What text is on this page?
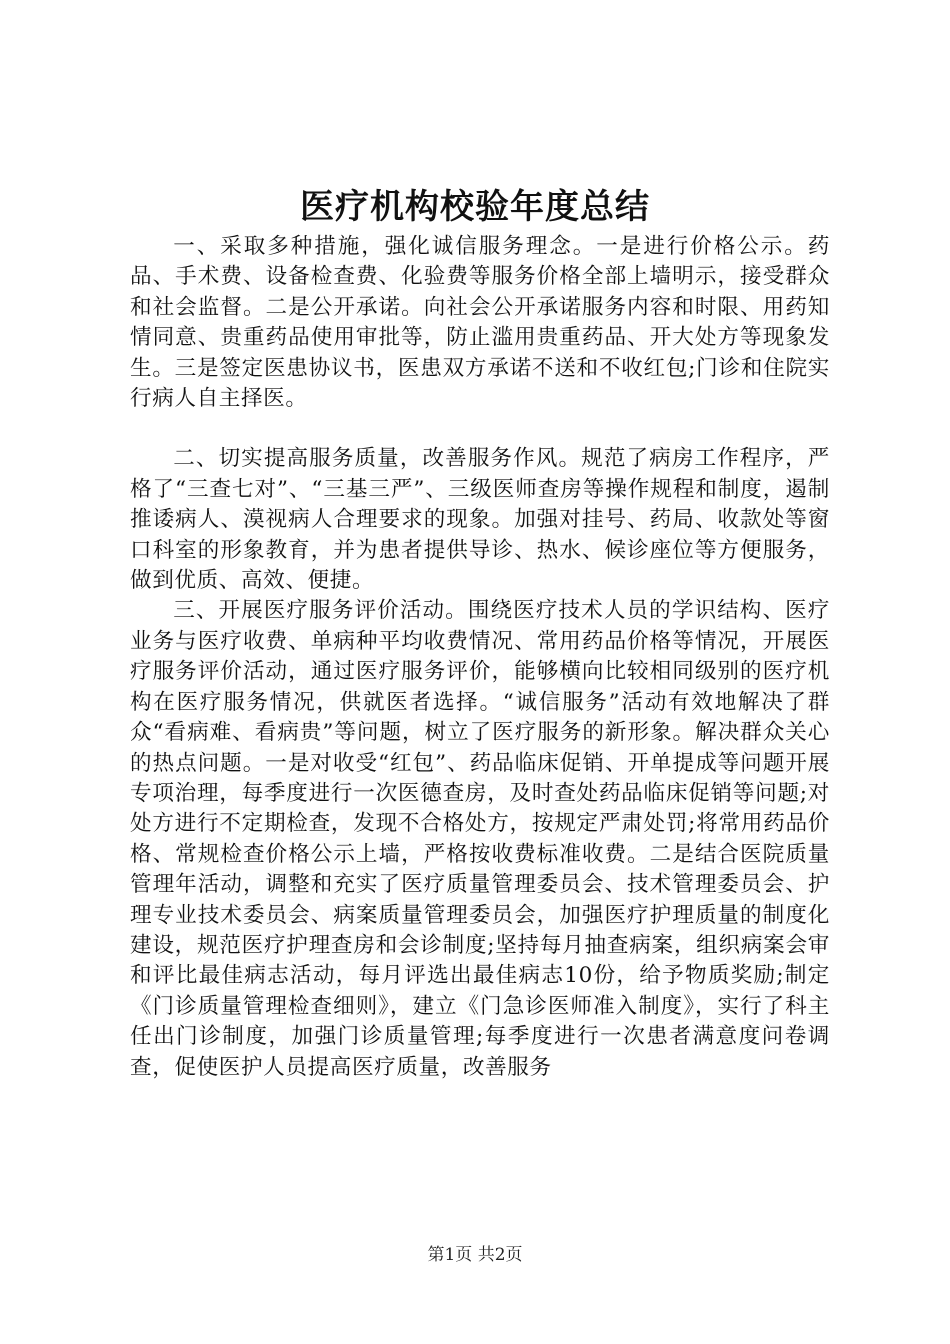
医疗机构校验年度总结

一、采取多种措施，强化诚信服务理念。一是进行价格公示。药品、手术费、设备检查费、化验费等服务价格全部上墙明示，接受群众和社会监督。二是公开承诺。向社会公开承诺服务内容和时限、用药知情同意、贵重药品使用审批等，防止滥用贵重药品、开大处方等现象发生。三是签定医患协议书，医患双方承诺不送和不收红包;门诊和住院实行病人自主择医。

二、切实提高服务质量，改善服务作风。规范了病房工作程序，严格了“三查七对”、“三基三严”、三级医师查房等操作规程和制度，遏制推诿病人、漠视病人合理要求的现象。加强对挂号、药局、收款处等窗口科室的形象教育，并为患者提供导诊、热水、候诊座位等方便服务，做到优质、高效、便捷。

三、开展医疗服务评价活动。围绕医疗技术人员的学识结构、医疗业务与医疗收费、单病种平均收费情况、常用药品价格等情况，开展医疗服务评价活动，通过医疗服务评价，能够横向比较相同级别的医疗机构在医疗服务情况，供就医者选择。“诚信服务”活动有效地解决了群众“看病难、看病贵”等问题，树立了医疗服务的新形象。解决群众关心的热点问题。一是对收受“红包”、药品临床促销、开单提成等问题开展专项治理，每季度进行一次医德查房，及时查处药品临床促销等问题;对处方进行不定期检查，发现不合格处方，按规定严肃处罚;将常用药品价格、常规检查价格公示上墙，严格按收费标准收费。二是结合医院质量管理年活动，调整和充实了医疗质量管理委员会、技术管理委员会、护理专业技术委员会、病案质量管理委员会，加强医疗护理质量的制度化建设，规范医疗护理查房和会诊制度;坚持每月抽查病案，组织病案会审和评比最佳病志活动，每月评选出最佳病志10份，给予物质奖励;制定《门诊质量管理检查细则》，建立《门急诊医师准入制度》，实行了科主任出门诊制度，加强门诊质量管理;每季度进行一次患者满意度问卷调查，促使医护人员提高医疗质量，改善服务

第1页 共2页
